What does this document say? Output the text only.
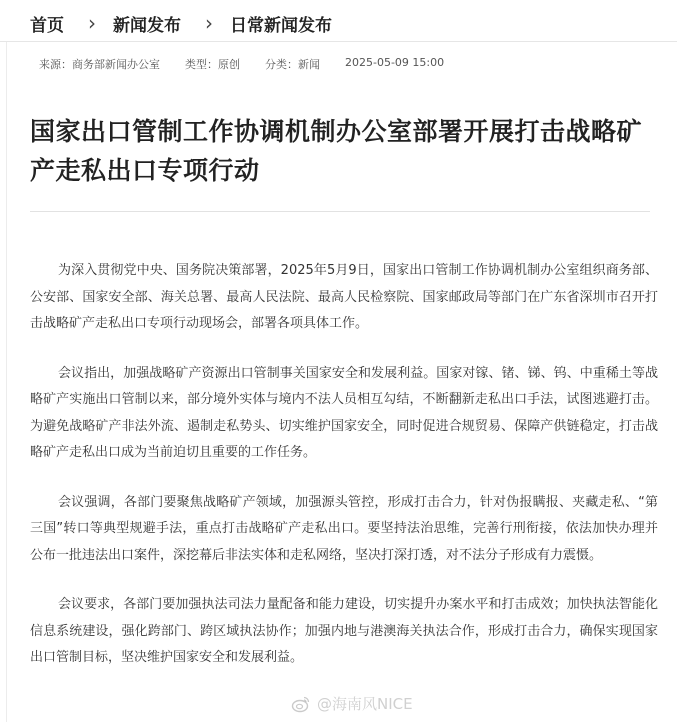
首页 › 新闻发布 › 日常新闻发布
来源：商务部新闻办公室 类型：原创 分类：新闻 2025-05-09 15:00
国家出口管制工作协调机制办公室部署开展打击战略矿产走私出口专项行动

为深入贯彻党中央、国务院决策部署，2025年5月9日，国家出口管制工作协调机制办公室组织商务部、公安部、国家安全部、海关总署、最高人民法院、最高人民检察院、国家邮政局等部门在广东省深圳市召开打击战略矿产走私出口专项行动现场会，部署各项具体工作。

会议指出，加强战略矿产资源出口管制事关国家安全和发展利益。国家对镓、锗、锑、钨、中重稀土等战略矿产实施出口管制以来，部分境外实体与境内不法人员相互勾结，不断翻新走私出口手法，试图逃避打击。为避免战略矿产非法外流、遏制走私势头、切实维护国家安全，同时促进合规贸易、保障产供链稳定，打击战略矿产走私出口成为当前迫切且重要的工作任务。

会议强调，各部门要聚焦战略矿产领域，加强源头管控，形成打击合力，针对伪报瞒报、夹藏走私、“第三国”转口等典型规避手法，重点打击战略矿产走私出口。要坚持法治思维，完善行刑衔接，依法加快办理并公布一批违法出口案件，深挖幕后非法实体和走私网络，坚决打深打透，对不法分子形成有力震慑。

会议要求，各部门要加强执法司法力量配备和能力建设，切实提升办案水平和打击成效；加快执法智能化信息系统建设，强化跨部门、跨区域执法协作；加强内地与港澳海关执法合作，形成打击合力，确保实现国家出口管制目标，坚决维护国家安全和发展利益。

@海南风NICE
